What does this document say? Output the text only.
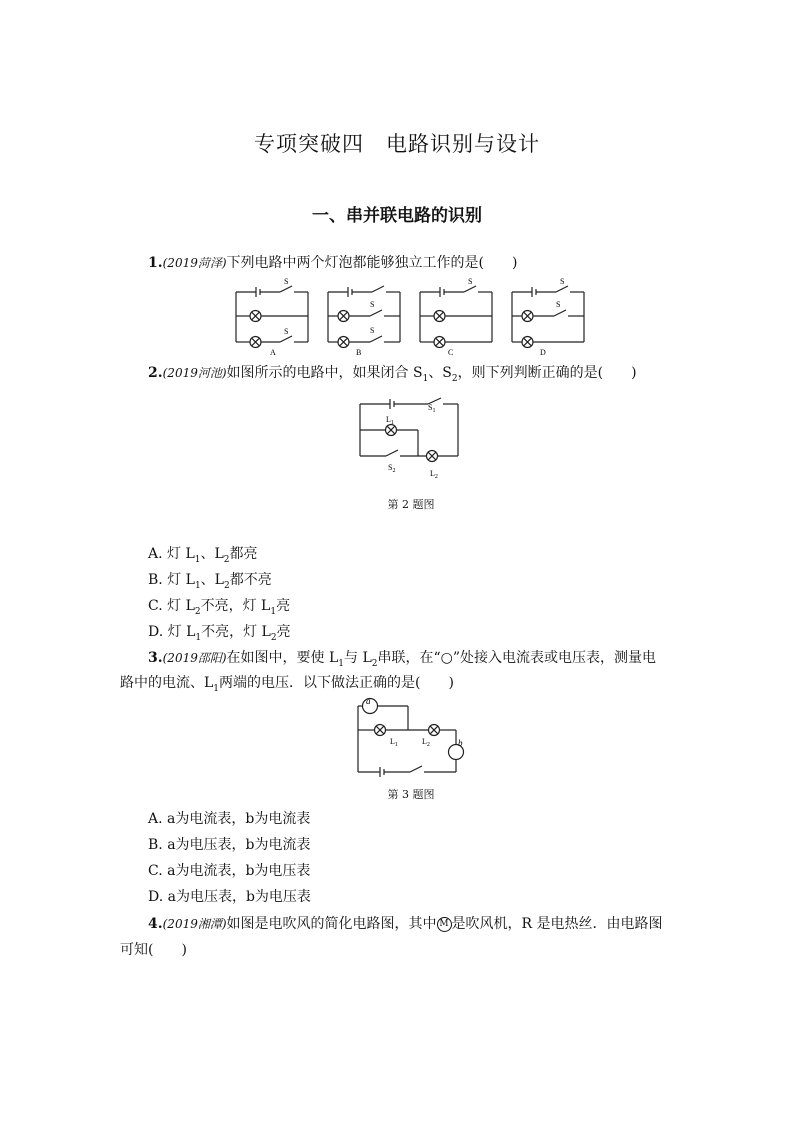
专项突破四　电路识别与设计
一、串并联电路的识别
1.(2019菏泽)下列电路中两个灯泡都能够独立工作的是(　　)
S
S
A
S
S
B
S
C
S
S
D
2.(2019河池)如图所示的电路中，如果闭合 $S_1$、$S_2$，则下列判断正确的是(　　)
$L_1$
$S_1$
$S_2$	$L_2$
第 2 题图
A. 灯 $L_1$、$L_2$都亮
B. 灯 $L_1$、$L_2$都不亮
C. 灯 $L_2$不亮，灯 $L_1$亮
D. 灯 $L_1$不亮，灯 $L_2$亮
3.(2019邵阳)在如图中，要使 $L_1$与 $L_2$串联，在“○”处接入电流表或电压表，测量电
路中的电流、$L_1$两端的电压．以下做法正确的是(　　)
a
b
$L_1$	$L_2$
第 3 题图
A. a为电流表，b为电流表
B. a为电压表，b为电流表
C. a为电流表，b为电压表
D. a为电压表，b为电压表
4.(2019湘潭)如图是电吹风的简化电路图，其中 M 是吹风机，R 是电热丝．由电路图
可知(　　)
